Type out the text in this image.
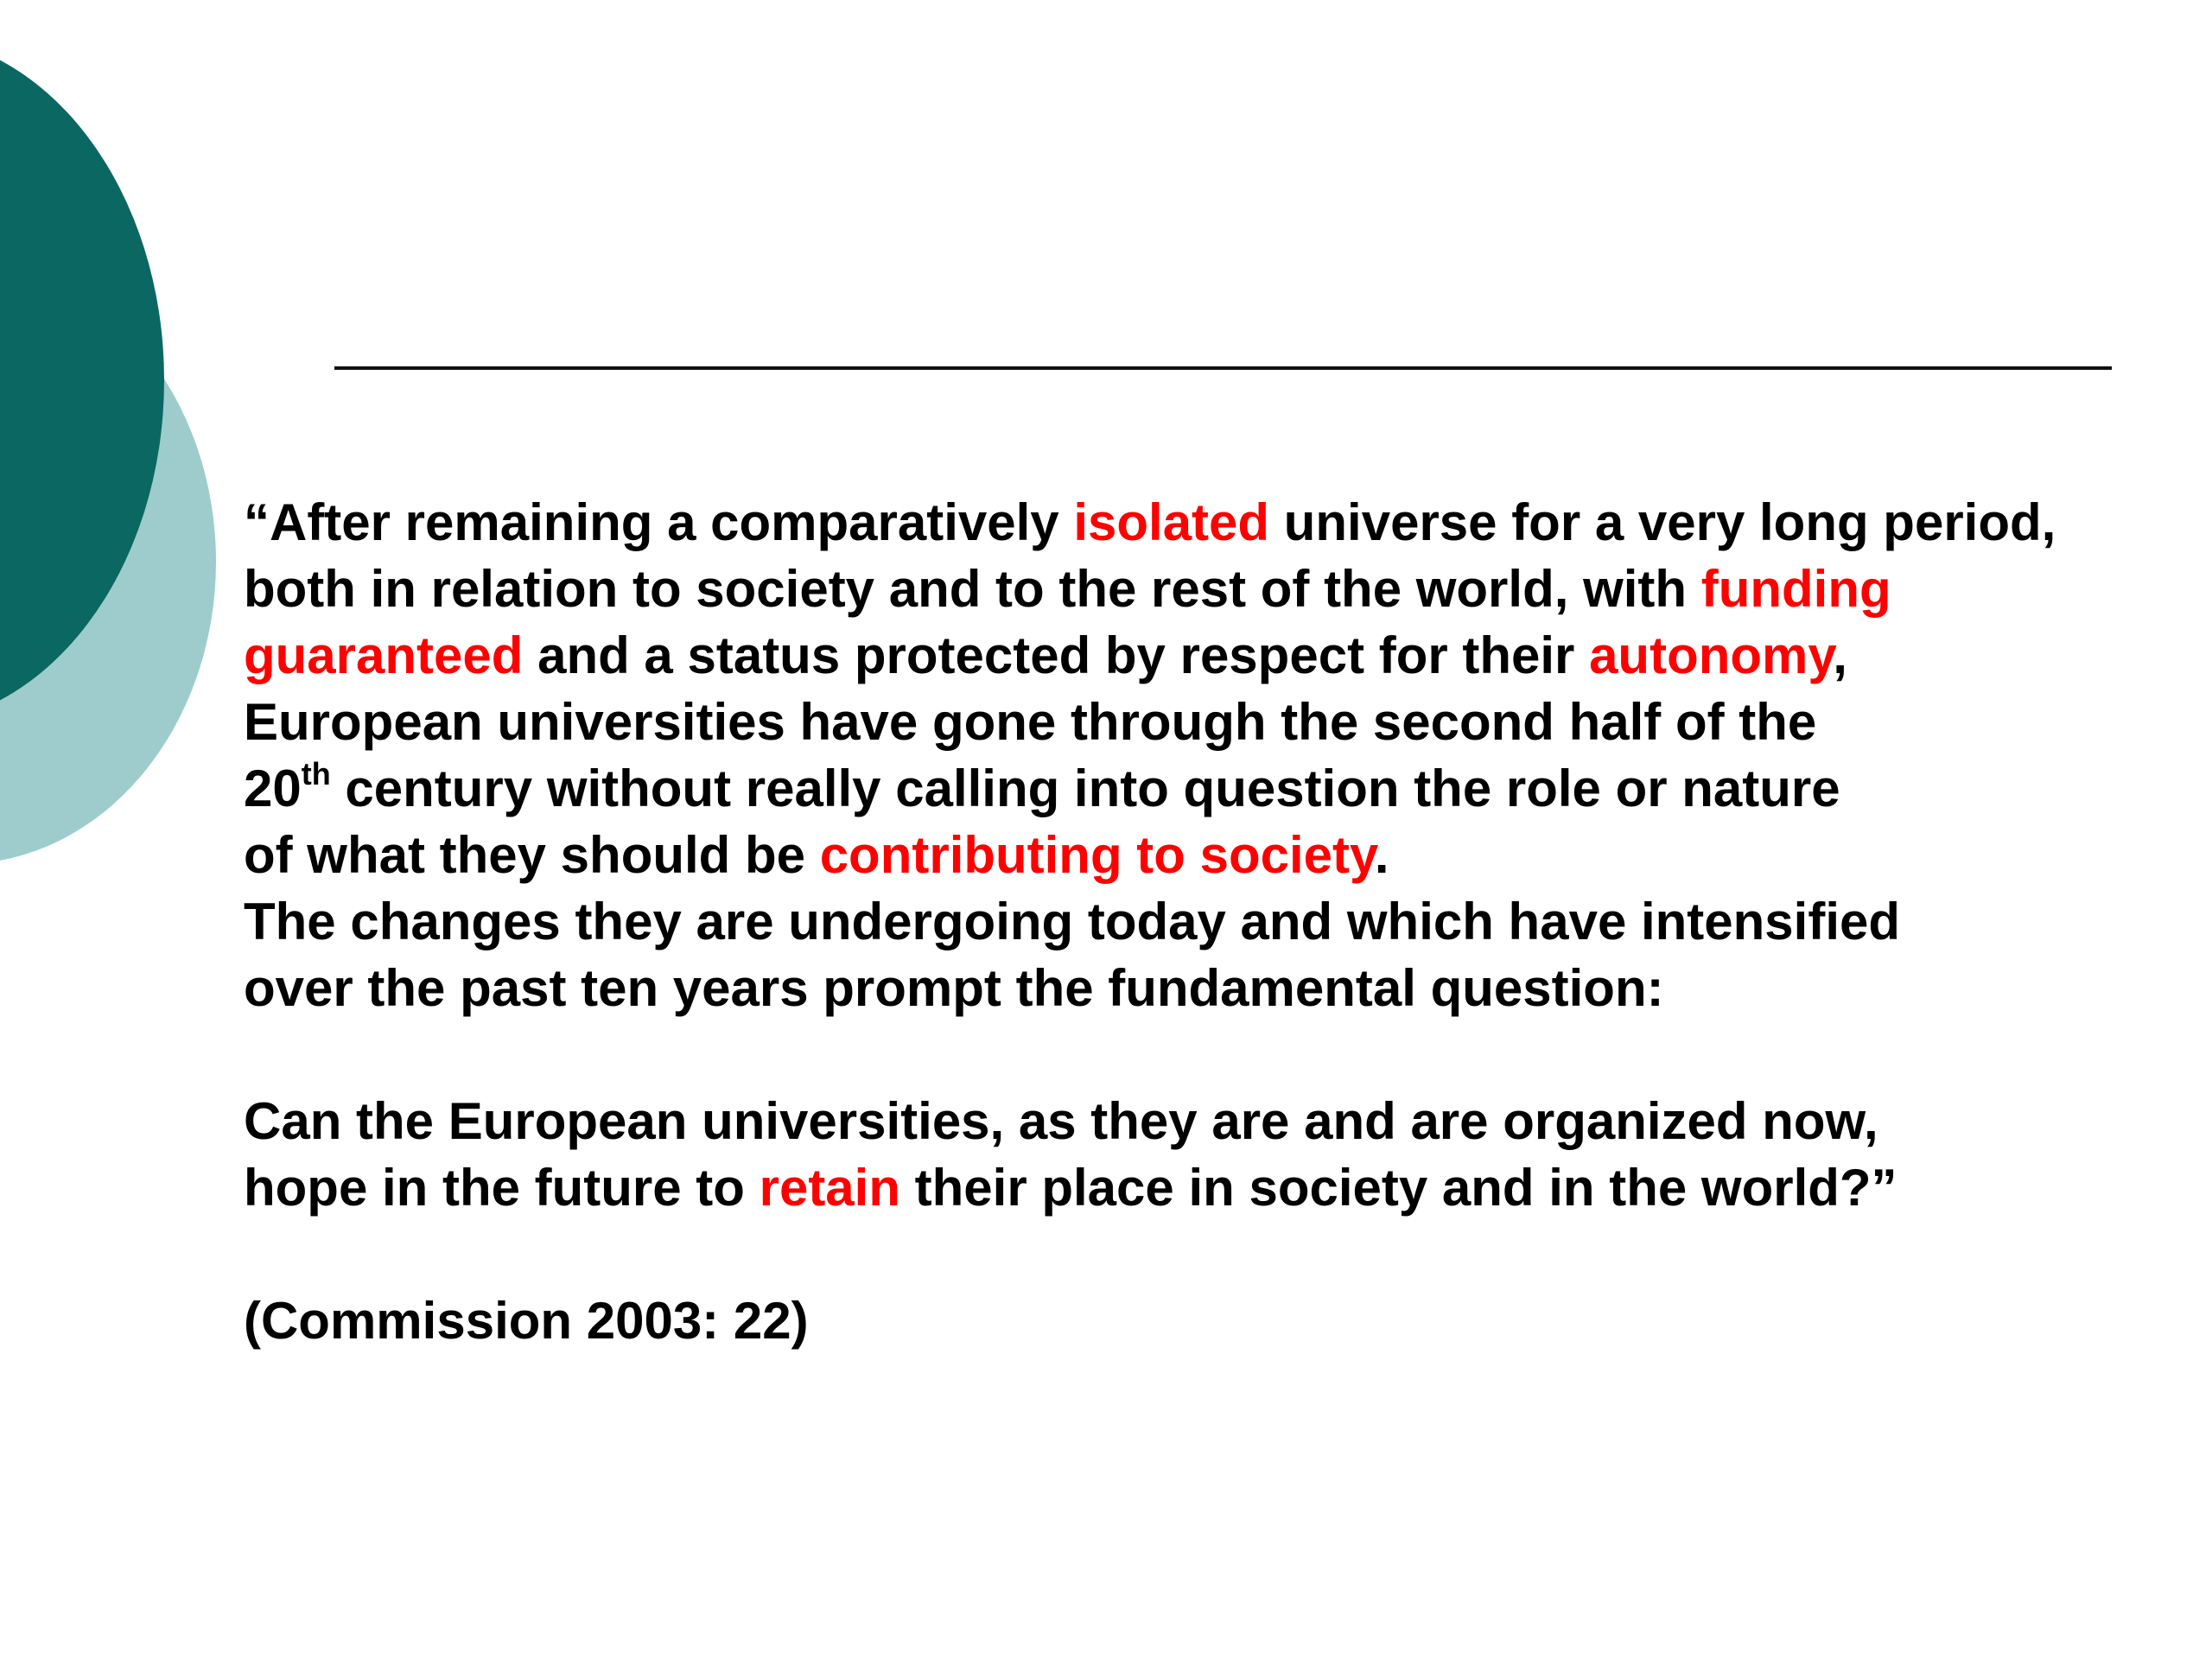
“After remaining a comparatively isolated universe for a very long period,

both in relation to society and to the rest of the world, with funding

guaranteed and a status protected by respect for their autonomy,

European universities have gone through the second half of the

20th century without really calling into question the role or nature

of what they should be contributing to society.

The changes they are undergoing today and which have intensified

over the past ten years prompt the fundamental question:

Can the European universities, as they are and are organized now,

hope in the future to retain their place in society and in the world?”

(Commission 2003: 22)
